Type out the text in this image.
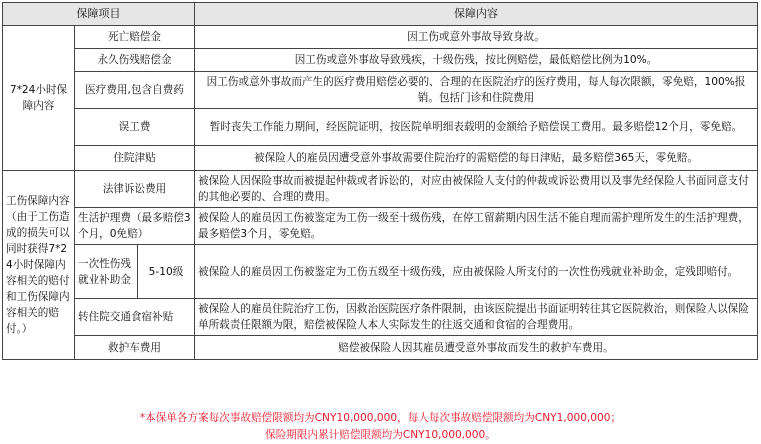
保障项目			保障内容
7*24小时保障内容	死亡赔偿金		因工伤或意外事故导致身故。
	永久伤残赔偿金		因工伤或意外事故导致残疾，十级伤残，按比例赔偿，最低赔偿比例为10%。
	医疗费用,包含自费药		因工伤或意外事故而产生的医疗费用赔偿必要的、合理的在医院治疗的医疗费用，每人每次限额，零免赔，100%报销。包括门诊和住院费用
	误工费		暂时丧失工作能力期间，经医院证明，按医院单明细表载明的金额给予赔偿误工费用。最多赔偿12个月，零免赔。
	住院津贴		被保险人的雇员因遭受意外事故需要住院治疗的需赔偿的每日津贴，最多赔偿365天，零免赔。
工伤保障内容（由于工伤造成的损失可以同时获得7*24小时保障内容相关的赔付和工伤保障内容相关的赔付。）	法律诉讼费用		被保险人因保险事故而被提起仲裁或者诉讼的，对应由被保险人支付的仲裁或诉讼费用以及事先经保险人书面同意支付的其他必要的、合理的费用。
	生活护理费（最多赔偿3个月，0免赔）		被保险人的雇员因工伤被鉴定为工伤一级至十级伤残，在停工留薪期内因生活不能自理而需护理所发生的生活护理费，最多赔偿3个月，零免赔。
	一次性伤残就业补助金	5-10级	被保险人的雇员因工伤被鉴定为工伤五级至十级伤残，应由被保险人所支付的一次性伤残就业补助金，定残即赔付。
	转住院交通食宿补贴		被保险人的雇员住院治疗工伤，因救治医院医疗条件限制，由该医院提出书面证明转往其它医院救治，则保险人以保险单所载责任限额为限，赔偿被保险人本人实际发生的往返交通和食宿的合理费用。
	救护车费用		赔偿被保险人因其雇员遭受意外事故而发生的救护车费用。
*本保单各方案每次事故赔偿限额均为CNY10,000,000，每人每次事故赔偿限额均为CNY1,000,000；
保险期限内累计赔偿限额均为CNY10,000,000。
